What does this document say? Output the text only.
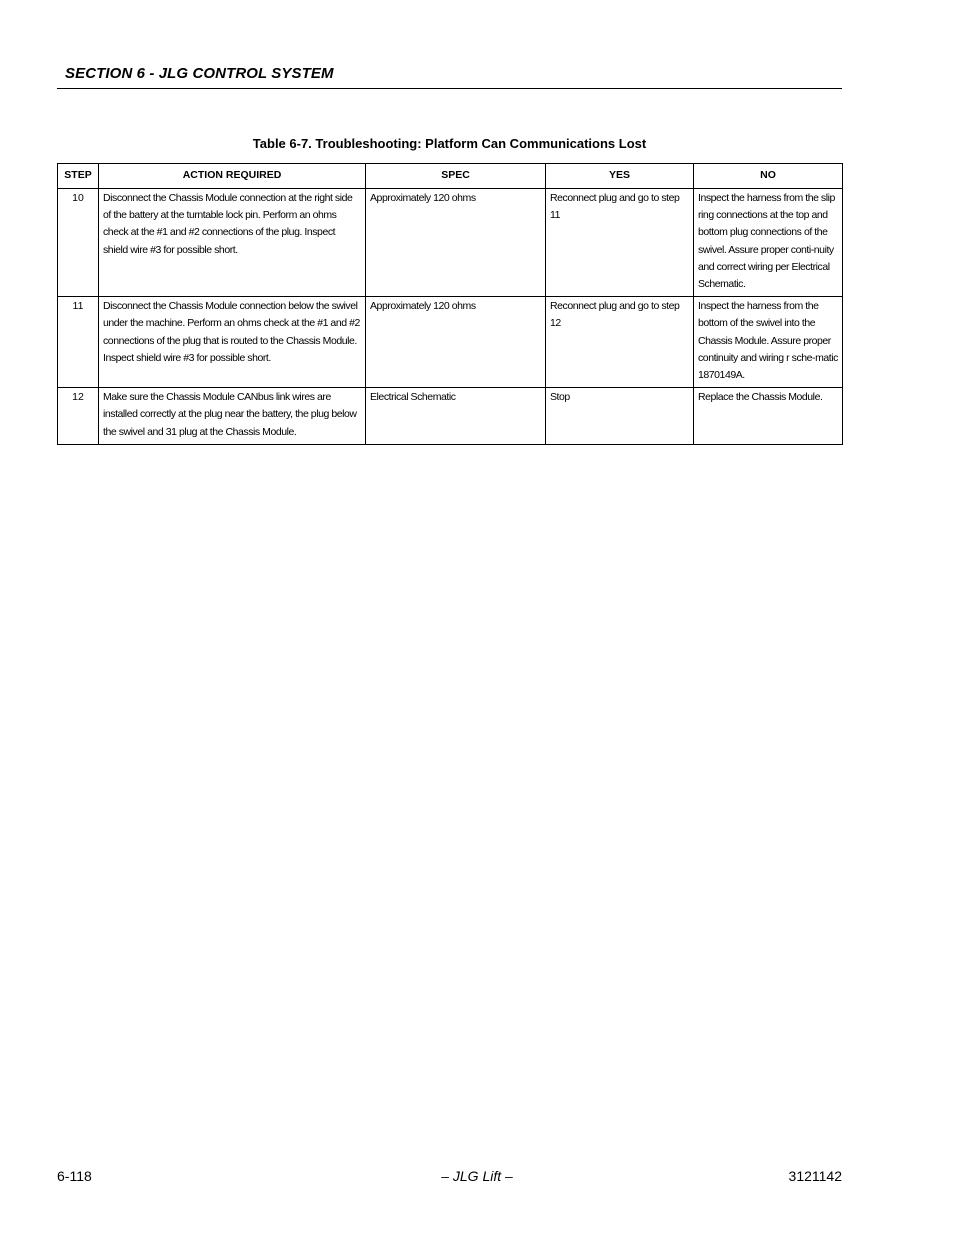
SECTION 6 - JLG CONTROL SYSTEM
Table 6-7. Troubleshooting: Platform Can Communications Lost
STEP	ACTION REQUIRED	SPEC	YES	NO
10	Disconnect the Chassis Module connection at the right side of the battery at the turntable lock pin. Perform an ohms check at the #1 and #2 connections of the plug. Inspect shield wire #3 for possible short.	Approximately 120 ohms	Reconnect plug and go to step 11	Inspect the harness from the slip ring connections at the top and bottom plug connections of the swivel. Assure proper conti-nuity and correct wiring per Electrical Schematic.
11	Disconnect the Chassis Module connection below the swivel under the machine. Perform an ohms check at the #1 and #2 connections of the plug that is routed to the Chassis Module. Inspect shield wire #3 for possible short.	Approximately 120 ohms	Reconnect plug and go to step 12	Inspect the harness from the bottom of the swivel into the Chassis Module. Assure proper continuity and wiring r sche-matic 1870149A.
12	Make sure the Chassis Module CANbus link wires are installed correctly at the plug near the battery, the plug below the swivel and 31 plug at the Chassis Module.	Electrical Schematic	Stop	Replace the Chassis Module.
6-118	– JLG Lift –	3121142
